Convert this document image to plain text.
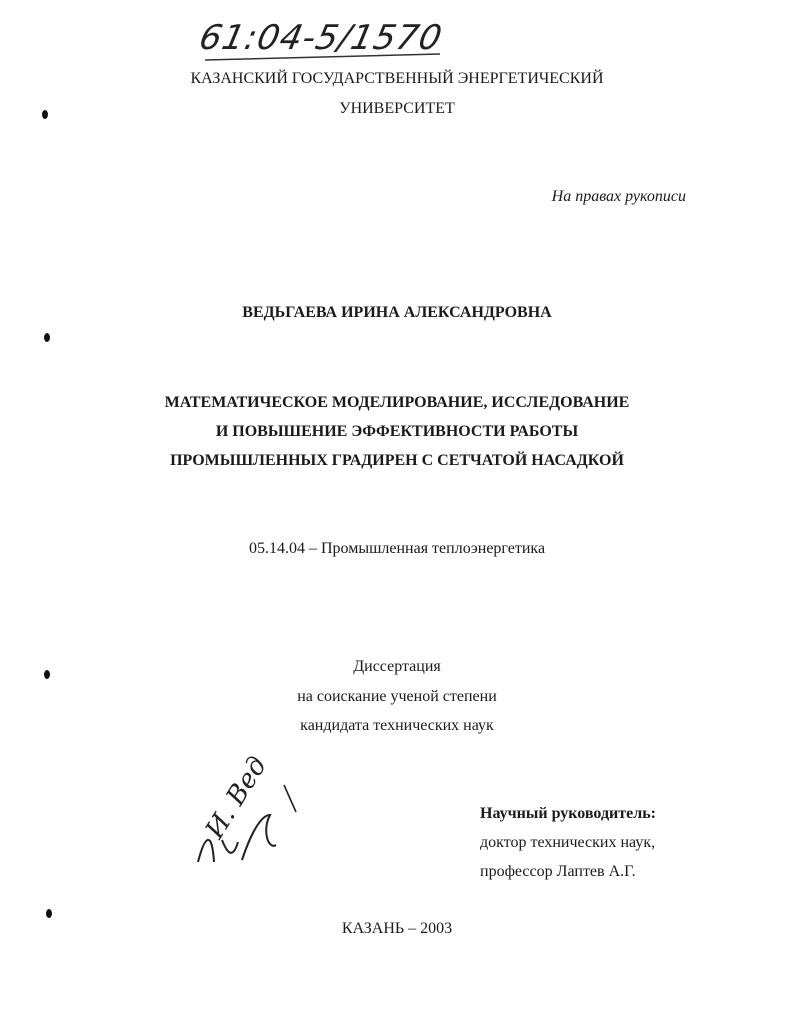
61:04-5/1570
КАЗАНСКИЙ ГОСУДАРСТВЕННЫЙ ЭНЕРГЕТИЧЕСКИЙ
УНИВЕРСИТЕТ
На правах рукописи
ВЕДЬГАЕВА ИРИНА АЛЕКСАНДРОВНА
МАТЕМАТИЧЕСКОЕ МОДЕЛИРОВАНИЕ, ИССЛЕДОВАНИЕ
И ПОВЫШЕНИЕ ЭФФЕКТИВНОСТИ РАБОТЫ
ПРОМЫШЛЕННЫХ ГРАДИРЕН С СЕТЧАТОЙ НАСАДКОЙ
05.14.04 – Промышленная теплоэнергетика
Диссертация
на соискание ученой степени
кандидата технических наук
Научный руководитель:
доктор технических наук,
профессор Лаптев А.Г.
КАЗАНЬ – 2003
И. Вед
